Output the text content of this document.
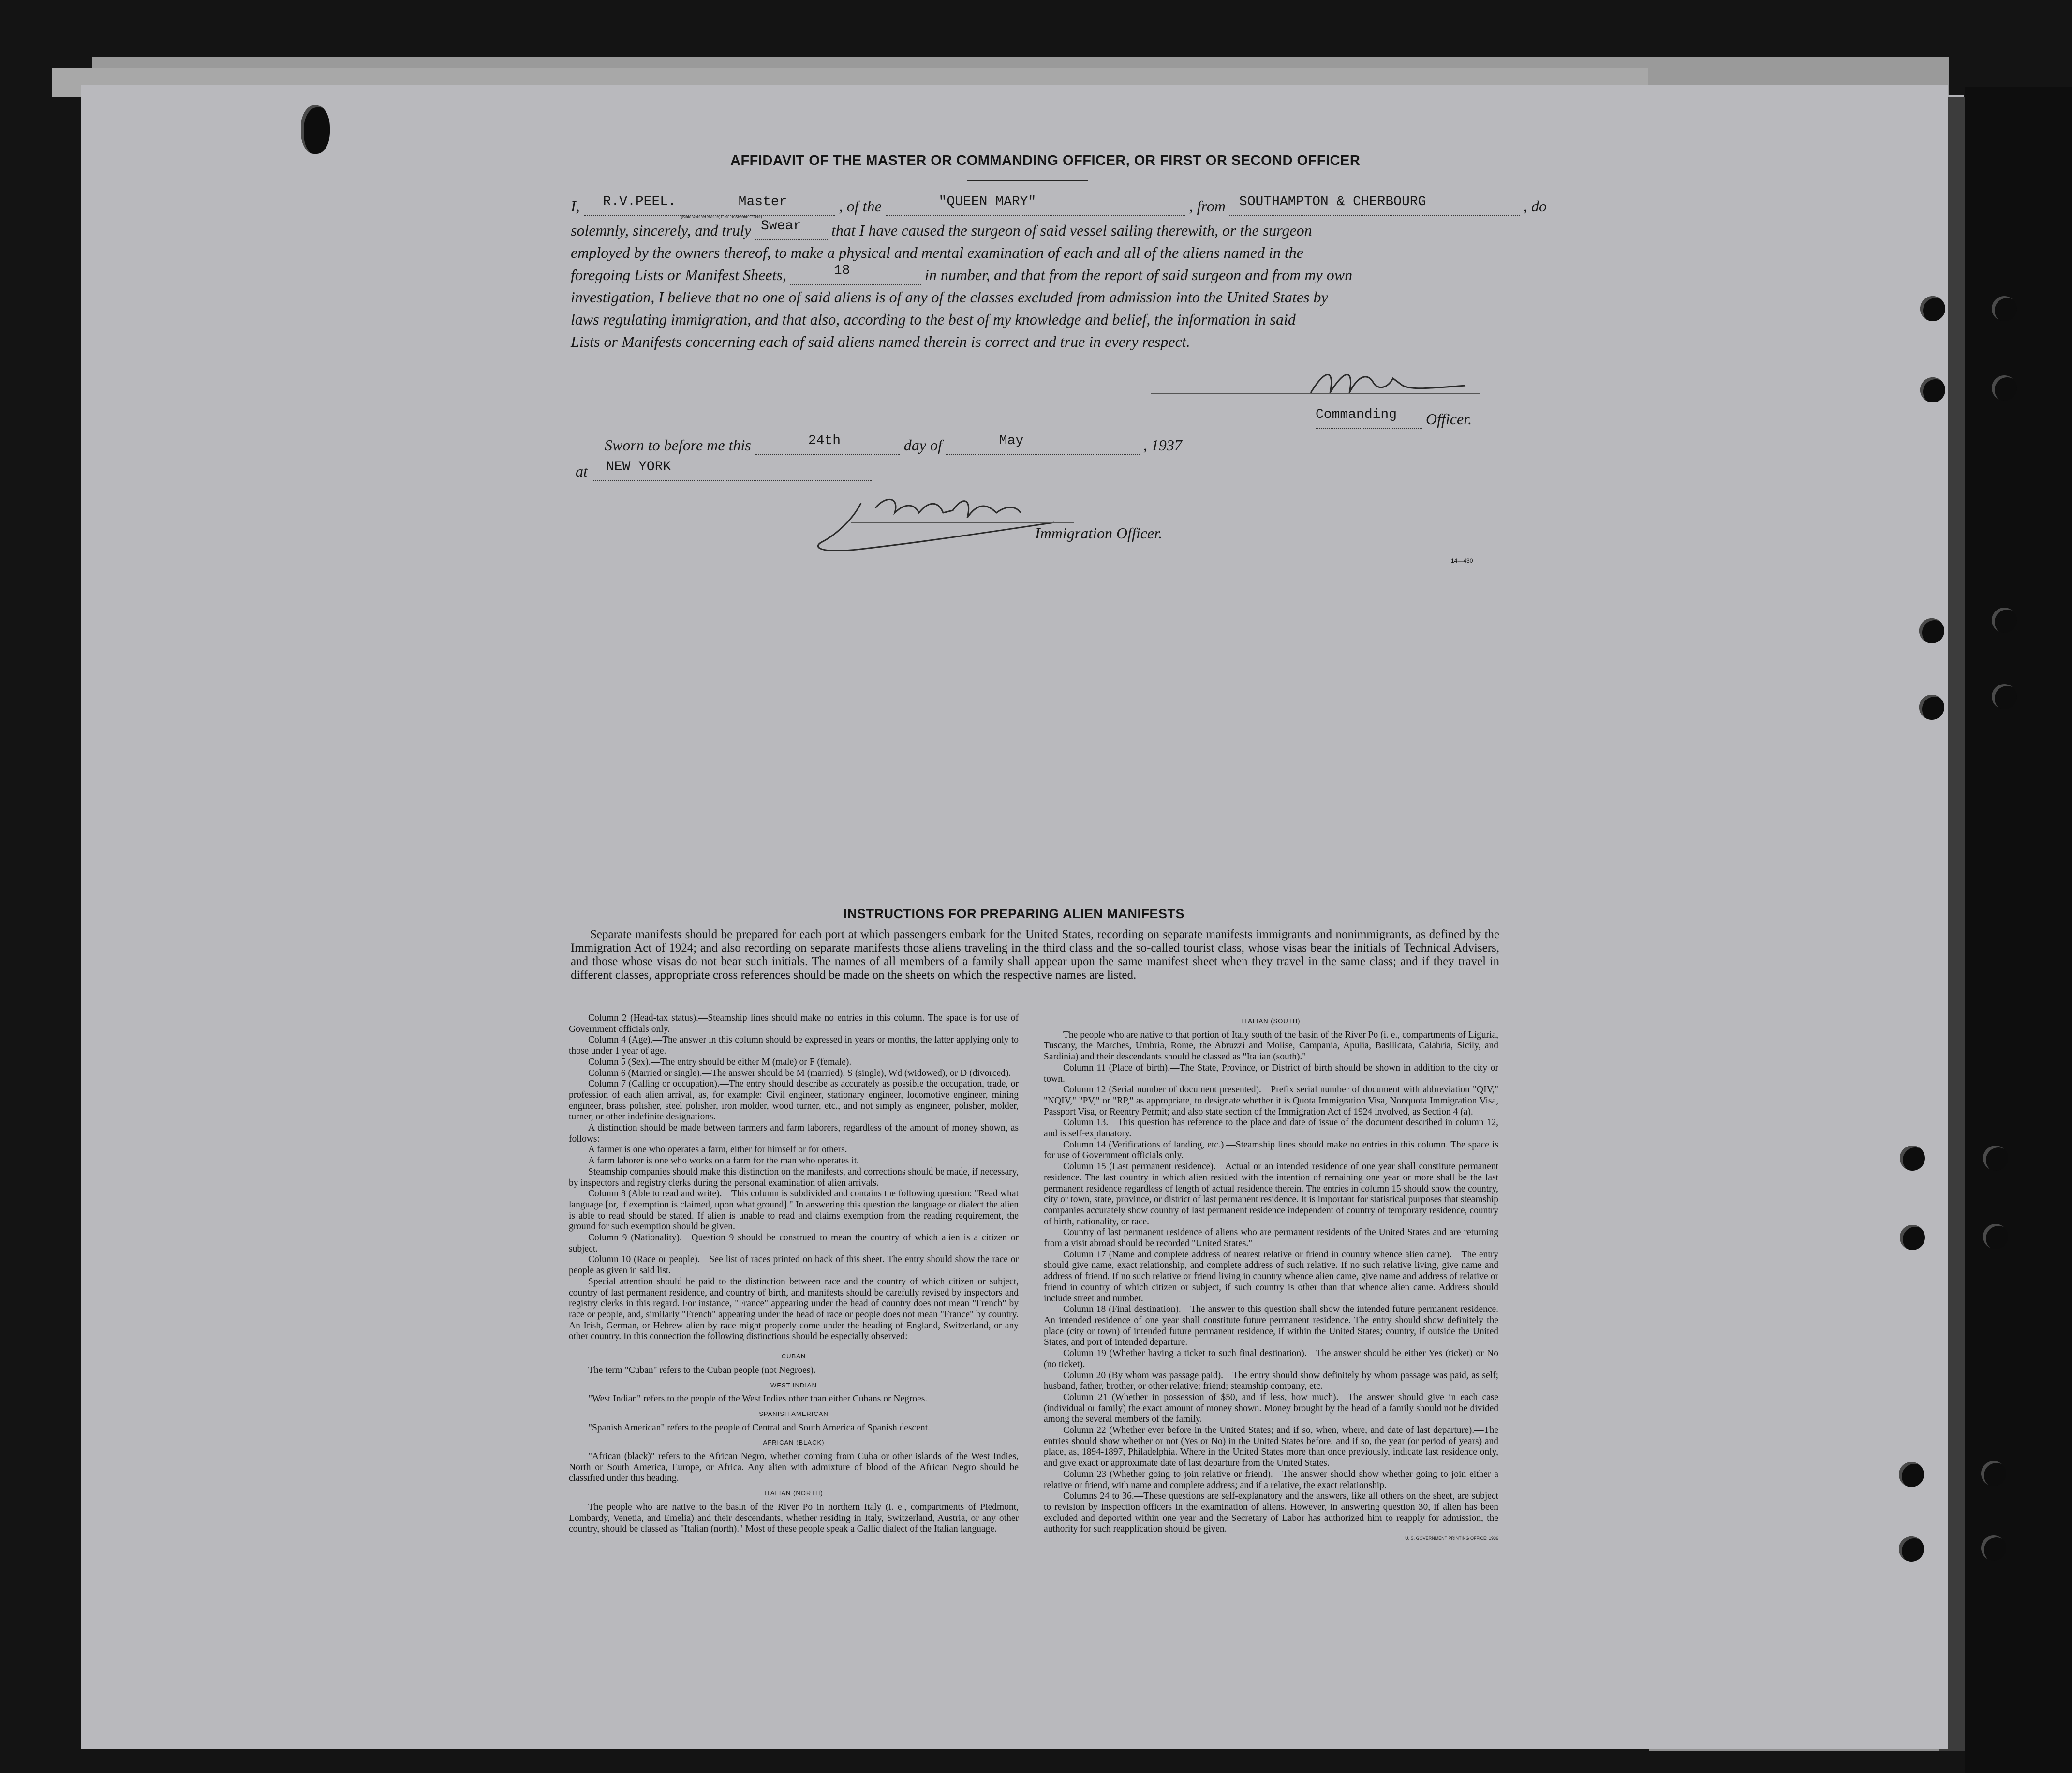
AFFIDAVIT OF THE MASTER OR COMMANDING OFFICER, OR FIRST OR SECOND OFFICER
I, R.V.PEEL.	Master	, of the	"QUEEN MARY"	, from SOUTHAMPTON & CHERBOURG	, do
(State whether Master, First, or Second Officer)
solemnly, sincerely, and truly Swear that I have caused the surgeon of said vessel sailing therewith, or the surgeon
employed by the owners thereof, to make a physical and mental examination of each and all of the aliens named in the
foregoing Lists or Manifest Sheets,	18	in number, and that from the report of said surgeon and from my own
investigation, I believe that no one of said aliens is of any of the classes excluded from admission into the United States by
laws regulating immigration, and that also, according to the best of my knowledge and belief, the information in said
Lists or Manifests concerning each of said aliens named therein is correct and true in every respect.
Commanding Officer.
Sworn to before me this	24th	day of	May	, 1937
at NEW YORK

Immigration Officer.
14—430
INSTRUCTIONS FOR PREPARING ALIEN MANIFESTS

Separate manifests should be prepared for each port at which passengers embark for the United States, recording on separate manifests immigrants and nonimmigrants, as defined by the Immigration Act of 1924; and also recording on separate manifests those aliens traveling in the third class and the so-called tourist class, whose visas bear the initials of Technical Advisers, and those whose visas do not bear such initials. The names of all members of a family shall appear upon the same manifest sheet when they travel in the same class; and if they travel in different classes, appropriate cross references should be made on the sheets on which the respective names are listed.

Column 2 (Head-tax status).—Steamship lines should make no entries in this column. The space is for use of Government officials only.

Column 4 (Age).—The answer in this column should be expressed in years or months, the latter applying only to those under 1 year of age.

Column 5 (Sex).—The entry should be either M (male) or F (female).

Column 6 (Married or single).—The answer should be M (married), S (single), Wd (widowed), or D (divorced).

Column 7 (Calling or occupation).—The entry should describe as accurately as possible the occupation, trade, or profession of each alien arrival, as, for example: Civil engineer, stationary engineer, locomotive engineer, mining engineer, brass polisher, steel polisher, iron molder, wood turner, etc., and not simply as engineer, polisher, molder, turner, or other indefinite designations.

A distinction should be made between farmers and farm laborers, regardless of the amount of money shown, as follows:

A farmer is one who operates a farm, either for himself or for others.

A farm laborer is one who works on a farm for the man who operates it.

Steamship companies should make this distinction on the manifests, and corrections should be made, if necessary, by inspectors and registry clerks during the personal examination of alien arrivals.

Column 8 (Able to read and write).—This column is subdivided and contains the following question: "Read what language [or, if exemption is claimed, upon what ground]." In answering this question the language or dialect the alien is able to read should be stated. If alien is unable to read and claims exemption from the reading requirement, the ground for such exemption should be given.

Column 9 (Nationality).—Question 9 should be construed to mean the country of which alien is a citizen or subject.

Column 10 (Race or people).—See list of races printed on back of this sheet. The entry should show the race or people as given in said list.

Special attention should be paid to the distinction between race and the country of which citizen or subject, country of last permanent residence, and country of birth, and manifests should be carefully revised by inspectors and registry clerks in this regard. For instance, "France" appearing under the head of country does not mean "French" by race or people, and, similarly "French" appearing under the head of race or people does not mean "France" by country. An Irish, German, or Hebrew alien by race might properly come under the heading of England, Switzerland, or any other country. In this connection the following distinctions should be especially observed:

CUBAN

The term "Cuban" refers to the Cuban people (not Negroes).

WEST INDIAN

"West Indian" refers to the people of the West Indies other than either Cubans or Negroes.

SPANISH AMERICAN

"Spanish American" refers to the people of Central and South America of Spanish descent.

AFRICAN (BLACK)

"African (black)" refers to the African Negro, whether coming from Cuba or other islands of the West Indies, North or South America, Europe, or Africa. Any alien with admixture of blood of the African Negro should be classified under this heading.

ITALIAN (NORTH)

The people who are native to the basin of the River Po in northern Italy (i. e., compartments of Piedmont, Lombardy, Venetia, and Emelia) and their descendants, whether residing in Italy, Switzerland, Austria, or any other country, should be classed as "Italian (north)." Most of these people speak a Gallic dialect of the Italian language.

ITALIAN (SOUTH)

The people who are native to that portion of Italy south of the basin of the River Po (i. e., compartments of Liguria, Tuscany, the Marches, Umbria, Rome, the Abruzzi and Molise, Campania, Apulia, Basilicata, Calabria, Sicily, and Sardinia) and their descendants should be classed as "Italian (south)."

Column 11 (Place of birth).—The State, Province, or District of birth should be shown in addition to the city or town.

Column 12 (Serial number of document presented).—Prefix serial number of document with abbreviation "QIV," "NQIV," "PV," or "RP," as appropriate, to designate whether it is Quota Immigration Visa, Nonquota Immigration Visa, Passport Visa, or Reentry Permit; and also state section of the Immigration Act of 1924 involved, as Section 4 (a).

Column 13.—This question has reference to the place and date of issue of the document described in column 12, and is self-explanatory.

Column 14 (Verifications of landing, etc.).—Steamship lines should make no entries in this column. The space is for use of Government officials only.

Column 15 (Last permanent residence).—Actual or an intended residence of one year shall constitute permanent residence. The last country in which alien resided with the intention of remaining one year or more shall be the last permanent residence regardless of length of actual residence therein. The entries in column 15 should show the country, city or town, state, province, or district of last permanent residence. It is important for statistical purposes that steamship companies accurately show country of last permanent residence independent of country of temporary residence, country of birth, nationality, or race.

Country of last permanent residence of aliens who are permanent residents of the United States and are returning from a visit abroad should be recorded "United States."

Column 17 (Name and complete address of nearest relative or friend in country whence alien came).—The entry should give name, exact relationship, and complete address of such relative. If no such relative living, give name and address of friend. If no such relative or friend living in country whence alien came, give name and address of relative or friend in country of which citizen or subject, if such country is other than that whence alien came. Address should include street and number.

Column 18 (Final destination).—The answer to this question shall show the intended future permanent residence. An intended residence of one year shall constitute future permanent residence. The entry should show definitely the place (city or town) of intended future permanent residence, if within the United States; country, if outside the United States, and port of intended departure.

Column 19 (Whether having a ticket to such final destination).—The answer should be either Yes (ticket) or No (no ticket).

Column 20 (By whom was passage paid).—The entry should show definitely by whom passage was paid, as self; husband, father, brother, or other relative; friend; steamship company, etc.

Column 21 (Whether in possession of $50, and if less, how much).—The answer should give in each case (individual or family) the exact amount of money shown. Money brought by the head of a family should not be divided among the several members of the family.

Column 22 (Whether ever before in the United States; and if so, when, where, and date of last departure).—The entries should show whether or not (Yes or No) in the United States before; and if so, the year (or period of years) and place, as, 1894-1897, Philadelphia. Where in the United States more than once previously, indicate last residence only, and give exact or approximate date of last departure from the United States.

Column 23 (Whether going to join relative or friend).—The answer should show whether going to join either a relative or friend, with name and complete address; and if a relative, the exact relationship.

Columns 24 to 36.—These questions are self-explanatory and the answers, like all others on the sheet, are subject to revision by inspection officers in the examination of aliens. However, in answering question 30, if alien has been excluded and deported within one year and the Secretary of Labor has authorized him to reapply for admission, the authority for such reapplication should be given.

U. S. GOVERNMENT PRINTING OFFICE: 1936
